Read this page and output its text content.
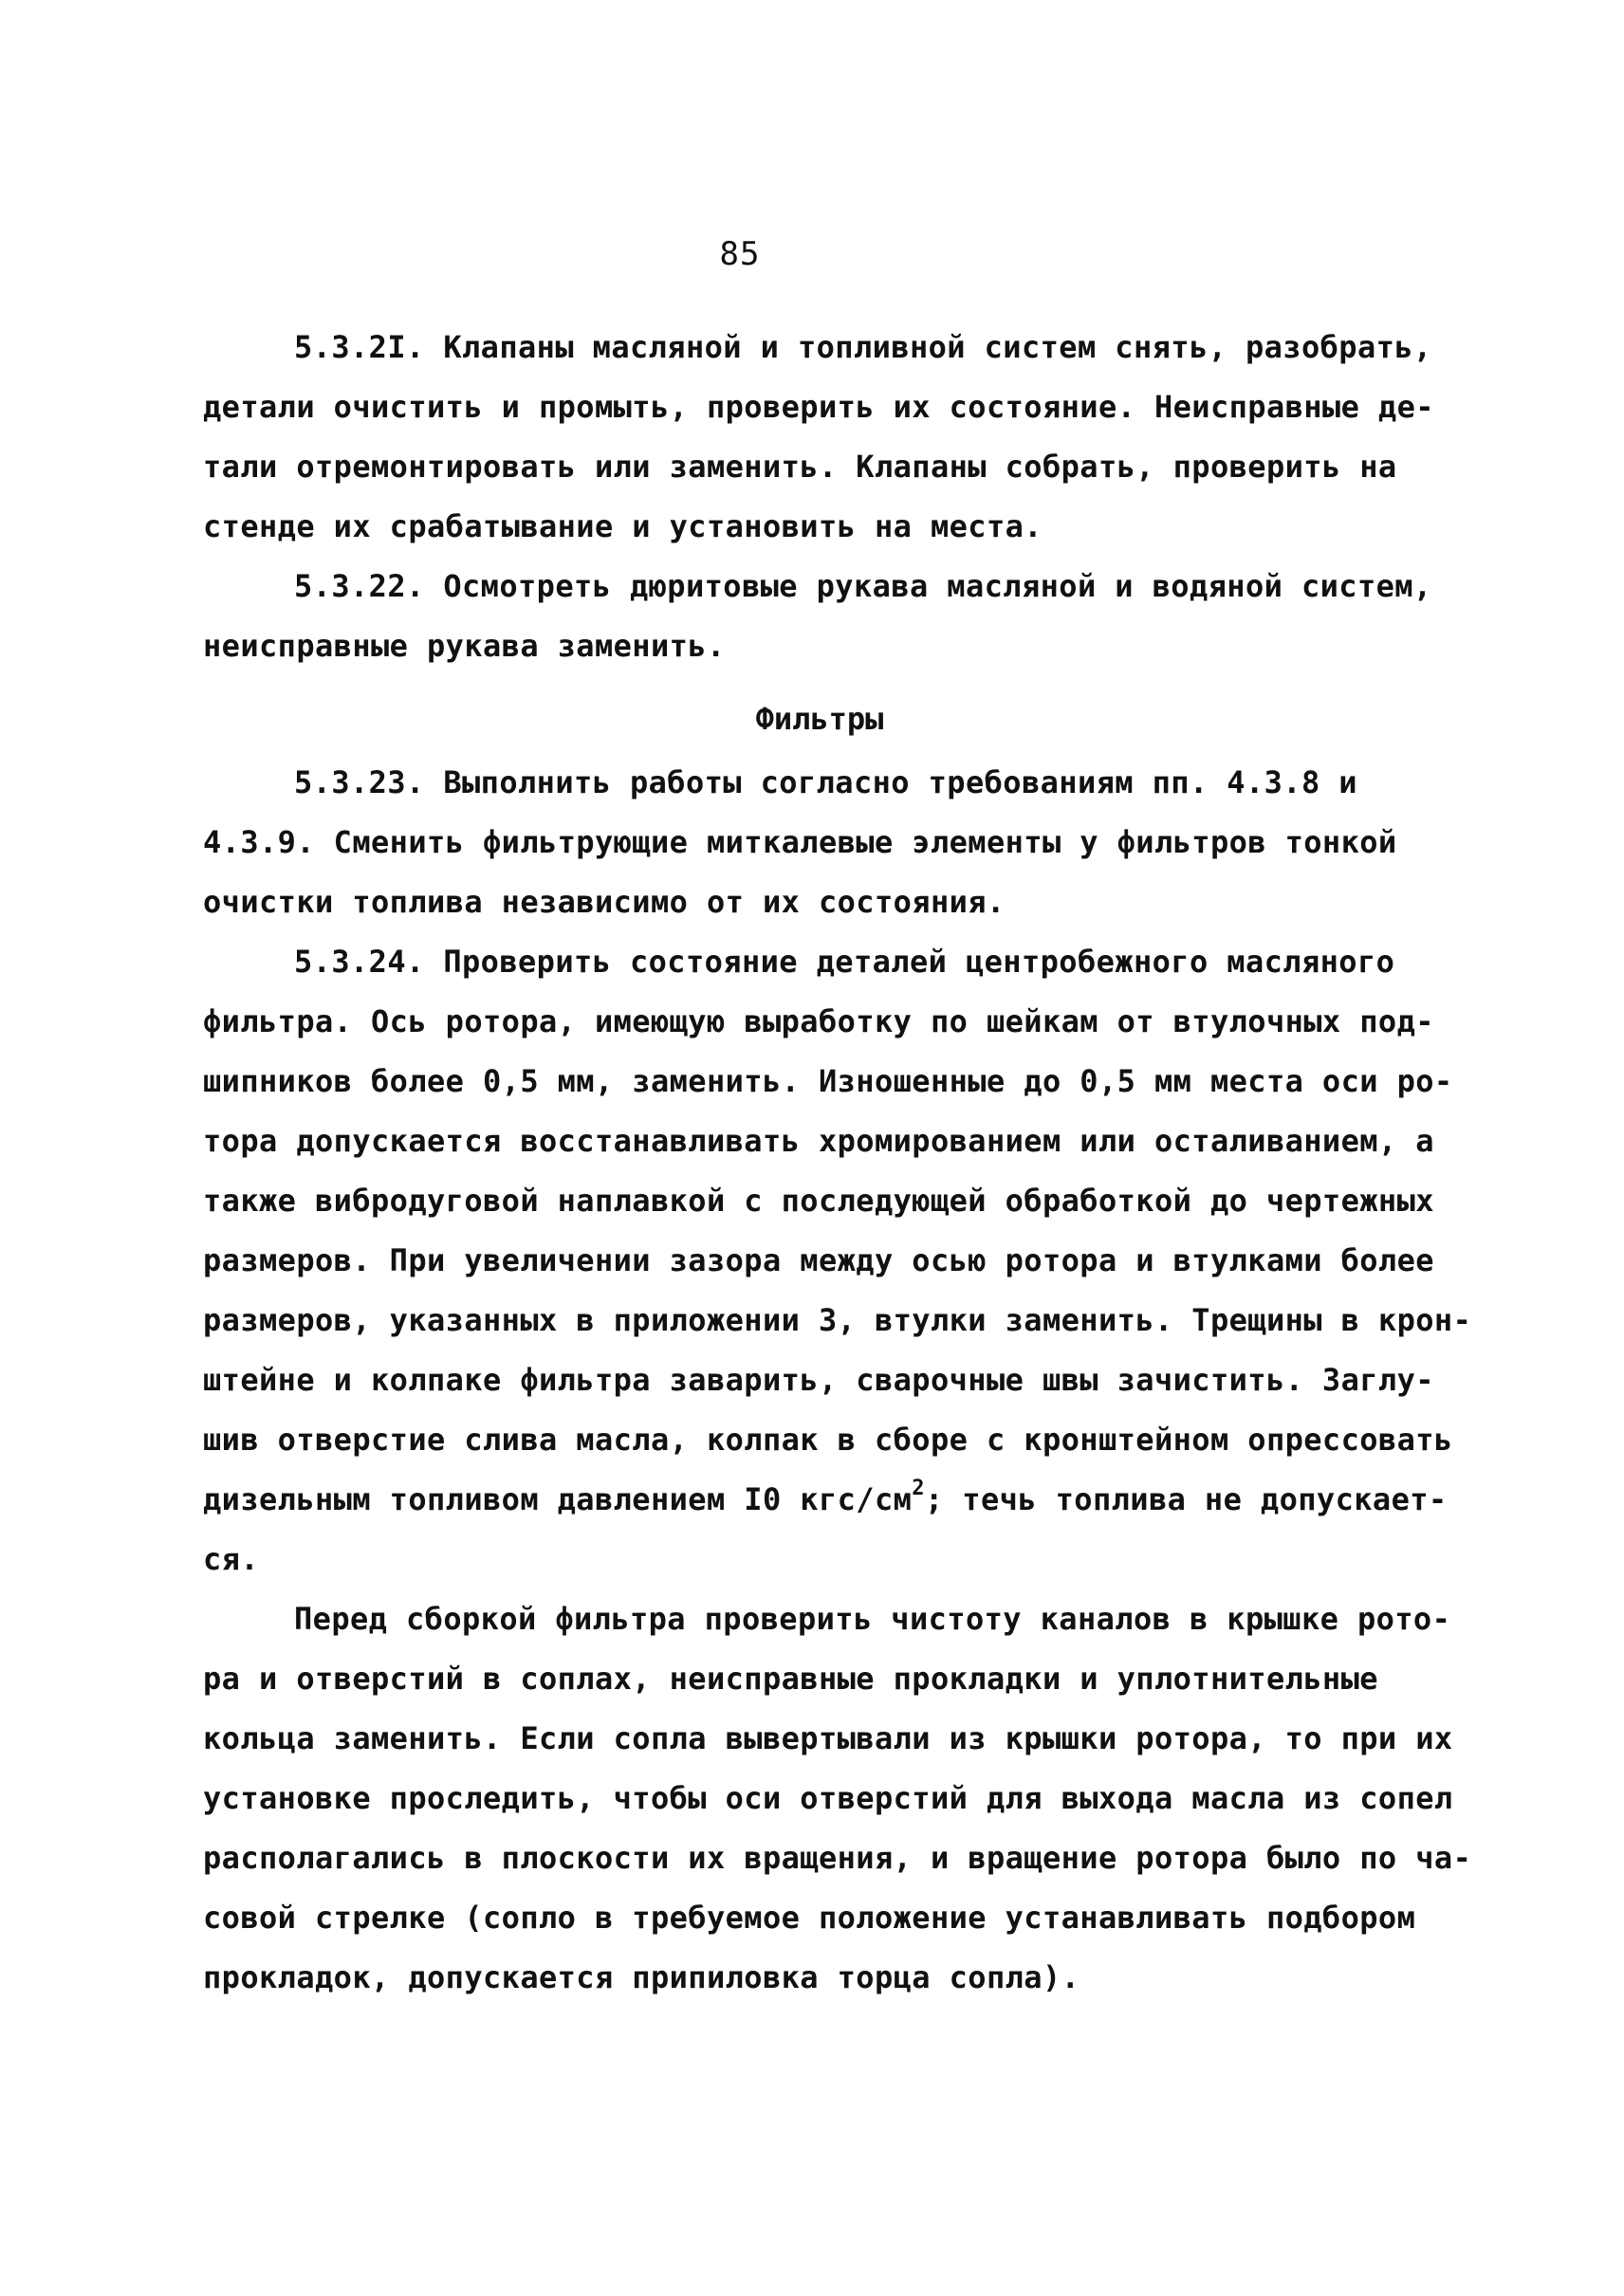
85
5.3.2I. Клапаны масляной и топливной систем снять, разобрать,
детали очистить и промыть, проверить их состояние. Неисправные де-
тали отремонтировать или заменить. Клапаны собрать, проверить на
стенде их срабатывание и установить на места.
5.3.22. Осмотреть дюритовые рукава масляной и водяной систем,
неисправные рукава заменить.
Фильтры
5.3.23. Выполнить работы согласно требованиям пп. 4.3.8 и
4.3.9. Сменить фильтрующие миткалевые элементы у фильтров тонкой
очистки топлива независимо от их состояния.
5.3.24. Проверить состояние деталей центробежного масляного
фильтра. Ось ротора, имеющую выработку по шейкам от втулочных под-
шипников более 0,5 мм, заменить. Изношенные до 0,5 мм места оси ро-
тора допускается восстанавливать хромированием или осталиванием, а
также вибродуговой наплавкой с последующей обработкой до чертежных
размеров. При увеличении зазора между осью ротора и втулками более
размеров, указанных в приложении 3, втулки заменить. Трещины в крон-
штейне и колпаке фильтра заварить, сварочные швы зачистить. Заглу-
шив отверстие слива масла, колпак в сборе с кронштейном опрессовать
дизельным топливом давлением I0 кгс/$см^2$; течь топлива не допускает-
ся.
Перед сборкой фильтра проверить чистоту каналов в крышке рото-
ра и отверстий в соплах, неисправные прокладки и уплотнительные
кольца заменить. Если сопла вывертывали из крышки ротора, то при их
установке проследить, чтобы оси отверстий для выхода масла из сопел
располагались в плоскости их вращения, и вращение ротора было по ча-
совой стрелке (сопло в требуемое положение устанавливать подбором
прокладок, допускается припиловка торца сопла).
